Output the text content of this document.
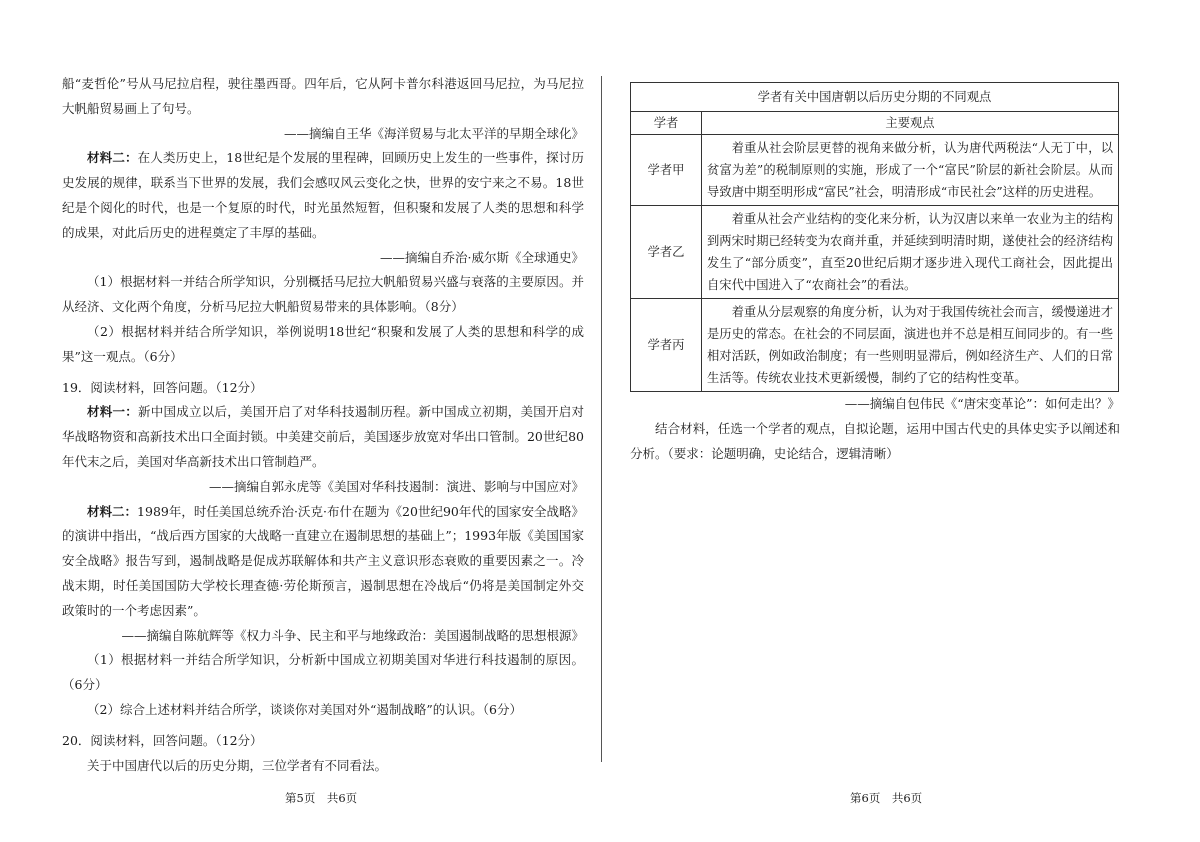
船“麦哲伦”号从马尼拉启程，驶往墨西哥。四年后，它从阿卡普尔科港返回马尼拉，为马尼拉大帆船贸易画上了句号。

——摘编自王华《海洋贸易与北太平洋的早期全球化》

材料二：在人类历史上，18世纪是个发展的里程碑，回顾历史上发生的一些事件，探讨历史发展的规律，联系当下世界的发展，我们会感叹风云变化之快，世界的安宁来之不易。18世纪是个阅化的时代，也是一个复原的时代，时光虽然短暂，但积聚和发展了人类的思想和科学的成果，对此后历史的进程奠定了丰厚的基础。

——摘编自乔治·威尔斯《全球通史》

（1）根据材料一并结合所学知识，分别概括马尼拉大帆船贸易兴盛与衰落的主要原因。并从经济、文化两个角度，分析马尼拉大帆船贸易带来的具体影响。（8分）

（2）根据材料并结合所学知识，举例说明18世纪“积聚和发展了人类的思想和科学的成果”这一观点。（6分）

19．阅读材料，回答问题。（12分）

材料一：新中国成立以后，美国开启了对华科技遏制历程。新中国成立初期，美国开启对华战略物资和高新技术出口全面封锁。中美建交前后，美国逐步放宽对华出口管制。20世纪80年代末之后，美国对华高新技术出口管制趋严。

——摘编自郭永虎等《美国对华科技遏制：演进、影响与中国应对》

材料二：1989年，时任美国总统乔治·沃克·布什在题为《20世纪90年代的国家安全战略》的演讲中指出，“战后西方国家的大战略一直建立在遏制思想的基础上”；1993年版《美国国家安全战略》报告写到，遏制战略是促成苏联解体和共产主义意识形态衰败的重要因素之一。冷战末期，时任美国国防大学校长理查德·劳伦斯预言，遏制思想在冷战后“仍将是美国制定外交政策时的一个考虑因素”。

——摘编自陈航辉等《权力斗争、民主和平与地缘政治：美国遏制战略的思想根源》

（1）根据材料一并结合所学知识，分析新中国成立初期美国对华进行科技遏制的原因。（6分）

（2）综合上述材料并结合所学，谈谈你对美国对外“遏制战略”的认识。（6分）

20．阅读材料，回答问题。（12分）

关于中国唐代以后的历史分期，三位学者有不同看法。

学者有关中国唐朝以后历史分期的不同观点	
学者	主要观点
学者甲	着重从社会阶层更替的视角来做分析，认为唐代两税法“人无丁中，以贫富为差”的税制原则的实施，形成了一个“富民”阶层的新社会阶层。从而导致唐中期至明形成“富民”社会，明清形成“市民社会”这样的历史进程。
学者乙	着重从社会产业结构的变化来分析，认为汉唐以来单一农业为主的结构到两宋时期已经转变为农商并重，并延续到明清时期，遂使社会的经济结构发生了“部分质变”，直至20世纪后期才逐步进入现代工商社会，因此提出自宋代中国进入了“农商社会”的看法。
学者丙	着重从分层观察的角度分析，认为对于我国传统社会而言，缓慢递进才是历史的常态。在社会的不同层面，演进也并不总是相互间同步的。有一些相对活跃，例如政治制度；有一些则明显滞后，例如经济生产、人们的日常生活等。传统农业技术更新缓慢，制约了它的结构性变革。

——摘编自包伟民《“唐宋变革论”：如何走出？》

结合材料，任选一个学者的观点，自拟论题，运用中国古代史的具体史实予以阐述和分析。（要求：论题明确，史论结合，逻辑清晰）

第5页　共6页	第6页　共6页
